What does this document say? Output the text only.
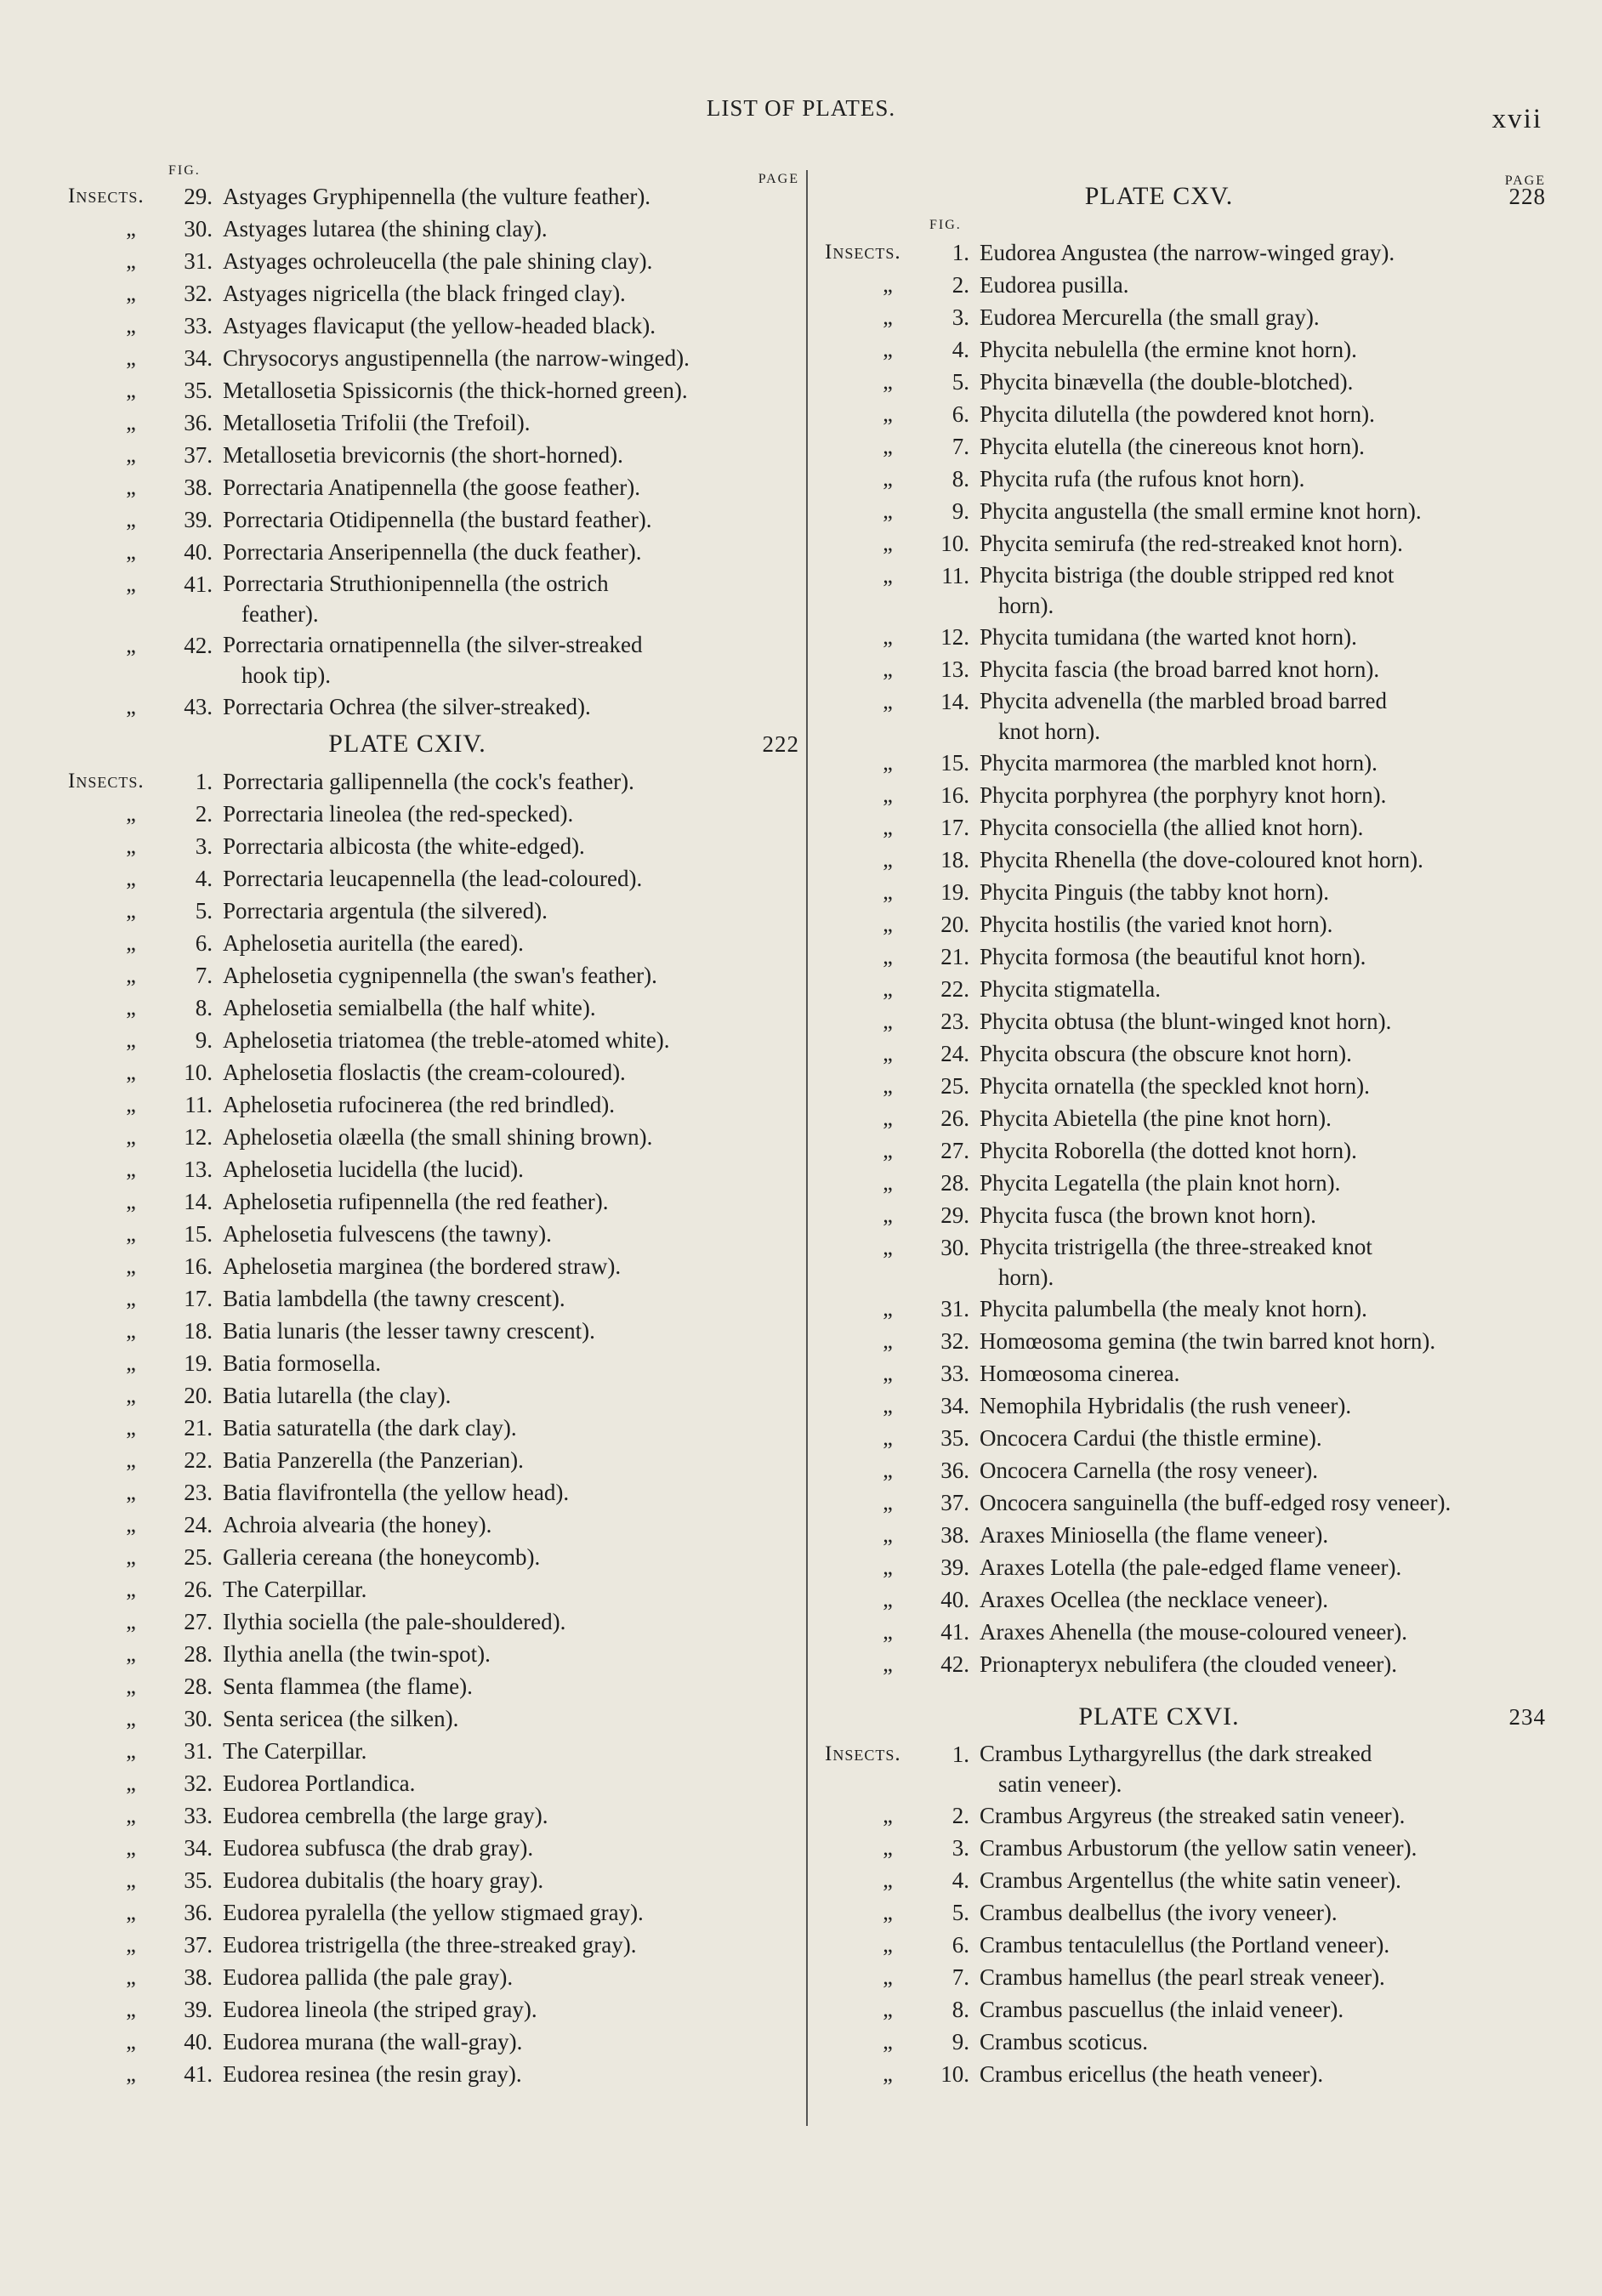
LIST OF PLATES.	xvii
FIG.
PAGE
Insects.	29. Astyages Gryphipennella (the vulture feather).
„	30. Astyages lutarea (the shining clay).
„	31. Astyages ochroleucella (the pale shining clay).
„	32. Astyages nigricella (the black fringed clay).
„	33. Astyages flavicaput (the yellow-headed black).
„	34. Chrysocorys angustipennella (the narrow-winged).
„	35. Metallosetia Spissicornis (the thick-horned green).
„	36. Metallosetia Trifolii (the Trefoil).
„	37. Metallosetia brevicornis (the short-horned).
„	38. Porrectaria Anatipennella (the goose feather).
„	39. Porrectaria Otidipennella (the bustard feather).
„	40. Porrectaria Anseripennella (the duck feather).
„	41. Porrectaria Struthionipennella (the ostrich
feather).
„	42. Porrectaria ornatipennella (the silver-streaked
hook tip).
„	43. Porrectaria Ochrea (the silver-streaked).
PLATE CXIV.	222
Insects.	1. Porrectaria gallipennella (the cock's feather).
„	2. Porrectaria lineolea (the red-specked).
„	3. Porrectaria albicosta (the white-edged).
„	4. Porrectaria leucapennella (the lead-coloured).
„	5. Porrectaria argentula (the silvered).
„	6. Aphelosetia auritella (the eared).
„	7. Aphelosetia cygnipennella (the swan's feather).
„	8. Aphelosetia semialbella (the half white).
„	9. Aphelosetia triatomea (the treble-atomed white).
„	10. Aphelosetia floslactis (the cream-coloured).
„	11. Aphelosetia rufocinerea (the red brindled).
„	12. Aphelosetia olæella (the small shining brown).
„	13. Aphelosetia lucidella (the lucid).
„	14. Aphelosetia rufipennella (the red feather).
„	15. Aphelosetia fulvescens (the tawny).
„	16. Aphelosetia marginea (the bordered straw).
„	17. Batia lambdella (the tawny crescent).
„	18. Batia lunaris (the lesser tawny crescent).
„	19. Batia formosella.
„	20. Batia lutarella (the clay).
„	21. Batia saturatella (the dark clay).
„	22. Batia Panzerella (the Panzerian).
„	23. Batia flavifrontella (the yellow head).
„	24. Achroia alvearia (the honey).
„	25. Galleria cereana (the honeycomb).
„	26. The Caterpillar.
„	27. Ilythia sociella (the pale-shouldered).
„	28. Ilythia anella (the twin-spot).
„	28. Senta flammea (the flame).
„	30. Senta sericea (the silken).
„	31. The Caterpillar.
„	32. Eudorea Portlandica.
„	33. Eudorea cembrella (the large gray).
„	34. Eudorea subfusca (the drab gray).
„	35. Eudorea dubitalis (the hoary gray).
„	36. Eudorea pyralella (the yellow stigmaed gray).
„	37. Eudorea tristrigella (the three-streaked gray).
„	38. Eudorea pallida (the pale gray).
„	39. Eudorea lineola (the striped gray).
„	40. Eudorea murana (the wall-gray).
„	41. Eudorea resinea (the resin gray).
PAGE
PLATE CXV.	228
FIG.
Insects.	1. Eudorea Angustea (the narrow-winged gray).
„	2. Eudorea pusilla.
„	3. Eudorea Mercurella (the small gray).
„	4. Phycita nebulella (the ermine knot horn).
„	5. Phycita binævella (the double-blotched).
„	6. Phycita dilutella (the powdered knot horn).
„	7. Phycita elutella (the cinereous knot horn).
„	8. Phycita rufa (the rufous knot horn).
„	9. Phycita angustella (the small ermine knot horn).
„	10. Phycita semirufa (the red-streaked knot horn).
„	11. Phycita bistriga (the double stripped red knot
horn).
„	12. Phycita tumidana (the warted knot horn).
„	13. Phycita fascia (the broad barred knot horn).
„	14. Phycita advenella (the marbled broad barred
knot horn).
„	15. Phycita marmorea (the marbled knot horn).
„	16. Phycita porphyrea (the porphyry knot horn).
„	17. Phycita consociella (the allied knot horn).
„	18. Phycita Rhenella (the dove-coloured knot horn).
„	19. Phycita Pinguis (the tabby knot horn).
„	20. Phycita hostilis (the varied knot horn).
„	21. Phycita formosa (the beautiful knot horn).
„	22. Phycita stigmatella.
„	23. Phycita obtusa (the blunt-winged knot horn).
„	24. Phycita obscura (the obscure knot horn).
„	25. Phycita ornatella (the speckled knot horn).
„	26. Phycita Abietella (the pine knot horn).
„	27. Phycita Roborella (the dotted knot horn).
„	28. Phycita Legatella (the plain knot horn).
„	29. Phycita fusca (the brown knot horn).
„	30. Phycita tristrigella (the three-streaked knot
horn).
„	31. Phycita palumbella (the mealy knot horn).
„	32. Homœosoma gemina (the twin barred knot horn).
„	33. Homœosoma cinerea.
„	34. Nemophila Hybridalis (the rush veneer).
„	35. Oncocera Cardui (the thistle ermine).
„	36. Oncocera Carnella (the rosy veneer).
„	37. Oncocera sanguinella (the buff-edged rosy veneer).
„	38. Araxes Miniosella (the flame veneer).
„	39. Araxes Lotella (the pale-edged flame veneer).
„	40. Araxes Ocellea (the necklace veneer).
„	41. Araxes Ahenella (the mouse-coloured veneer).
„	42. Prionapteryx nebulifera (the clouded veneer).
PLATE CXVI.	234
Insects.	1. Crambus Lythargyrellus (the dark streaked
satin veneer).
„	2. Crambus Argyreus (the streaked satin veneer).
„	3. Crambus Arbustorum (the yellow satin veneer).
„	4. Crambus Argentellus (the white satin veneer).
„	5. Crambus dealbellus (the ivory veneer).
„	6. Crambus tentaculellus (the Portland veneer).
„	7. Crambus hamellus (the pearl streak veneer).
„	8. Crambus pascuellus (the inlaid veneer).
„	9. Crambus scoticus.
„	10. Crambus ericellus (the heath veneer).
